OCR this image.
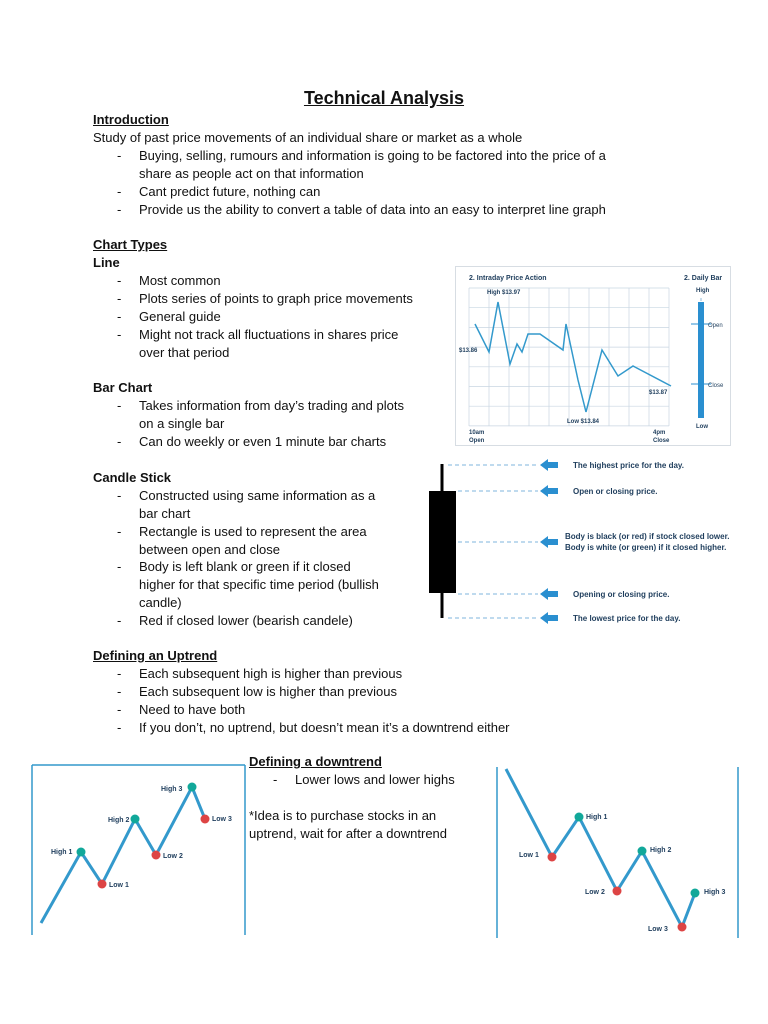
Technical Analysis
Introduction
Study of past price movements of an individual share or market as a whole
- Buying, selling, rumours and information is going to be factored into the price of a
share as people act on that information
- Cant predict future, nothing can
- Provide us the ability to convert a table of data into an easy to interpret line graph
Chart Types
Line
- Most common
- Plots series of points to graph price movements
- General guide
- Might not track all fluctuations in shares price
over that period
Bar Chart
- Takes information from day’s trading and plots
on a single bar
- Can do weekly or even 1 minute bar charts
Candle Stick
- Constructed using same information as a
bar chart
- Rectangle is used to represent the area
between open and close
- Body is left blank or green if it closed
higher for that specific time period (bullish
candle)
- Red if closed lower (bearish candele)
Defining an Uptrend
- Each subsequent high is higher than previous
- Each subsequent low is higher than previous
- Need to have both
- If you don’t, no uptrend, but doesn’t mean it’s a downtrend either
Defining a downtrend
- Lower lows and lower highs
*Idea is to purchase stocks in an
uptrend, wait for after a downtrend
2. Intraday Price Action	2. Daily Bar
High $13.97
$13.86
Low $13.84
$13.87
10am
Open
4pm
Close
High
Open
Close
Low
The highest price for the day.
Open or closing price.
Body is black (or red) if stock closed lower.
Body is white (or green) if it closed higher.
Opening or closing price.
The lowest price for the day.
High 1
Low 1
High 2
Low 2
High 3
Low 3	High 1
Low 1
High 2
Low 2	High 3
Low 3
